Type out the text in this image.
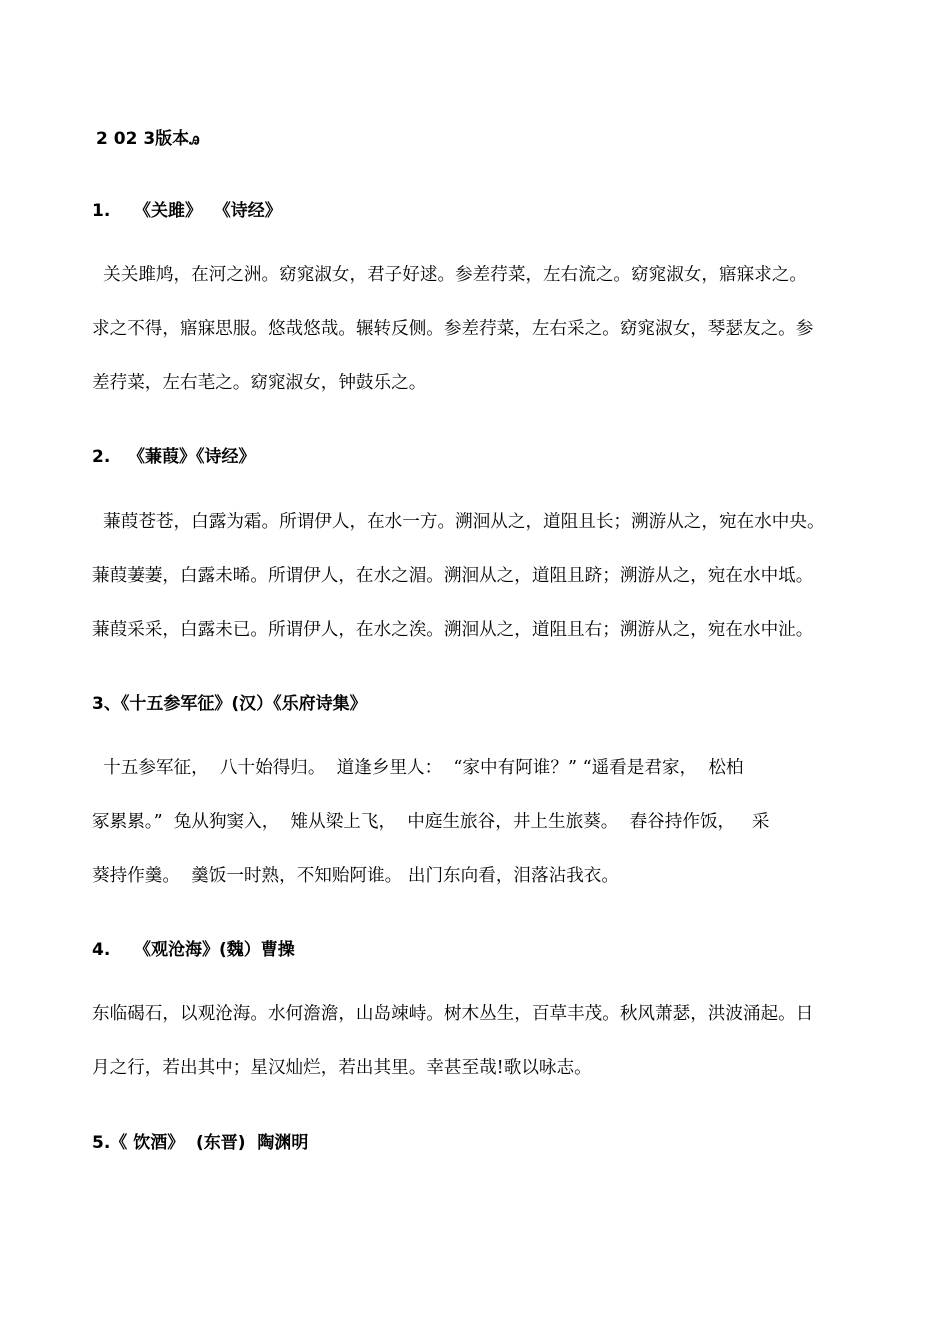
2 02 3版本ꭿ
1.    《关雎》  《诗经》
关关雎鸠，在河之洲。窈窕淑女，君子好逑。参差荇菜，左右流之。窈窕淑女，寤寐求之。
求之不得，寤寐思服。悠哉悠哉。辗转反侧。参差荇菜，左右采之。窈窕淑女，琴瑟友之。参
差荇菜，左右芼之。窈窕淑女，钟鼓乐之。
2.   《蒹葭》《诗经》
蒹葭苍苍，白露为霜。所谓伊人，在水一方。溯洄从之，道阻且长；溯游从之，宛在水中央。
蒹葭萋萋，白露未晞。所谓伊人，在水之湄。溯洄从之，道阻且跻；溯游从之，宛在水中坻。
蒹葭采采，白露未已。所谓伊人，在水之涘。溯洄从之，道阻且右；溯游从之，宛在水中沚。
3、《十五参军征》(汉）《乐府诗集》
十五参军征，  八十始得归。  道逢乡里人：  “家中有阿谁？” “遥看是君家，  松柏
冢累累。”  兔从狗窦入，  雉从梁上飞，  中庭生旅谷，井上生旅葵。  舂谷持作饭，   采
葵持作羹。  羹饭一时熟，不知贻阿谁。 出门东向看，泪落沾我衣。
4.    《观沧海》(魏）曹操
东临碣石，以观沧海。水何澹澹，山岛竦峙。树木丛生，百草丰茂。秋风萧瑟，洪波涌起。日
月之行，若出其中；星汉灿烂，若出其里。幸甚至哉!歌以咏志。
5.《 饮酒》  (东晋)  陶渊明
